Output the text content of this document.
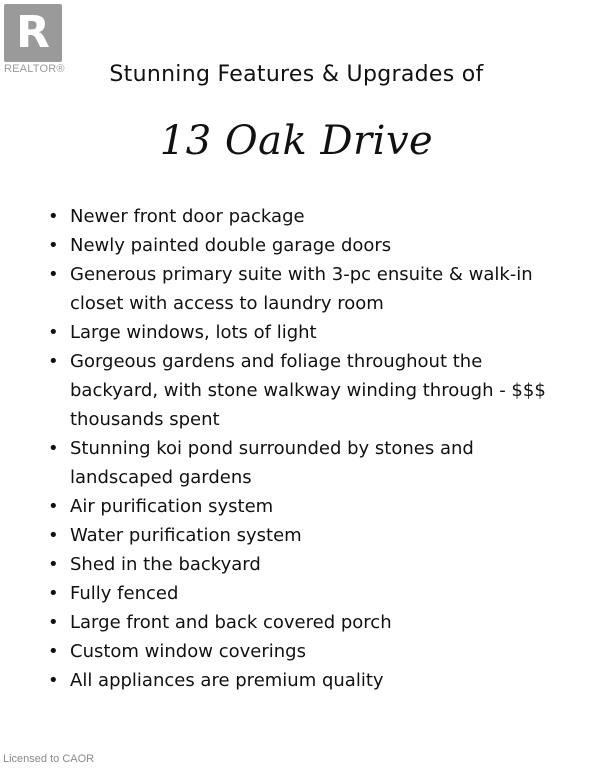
R
REALTOR®	Stunning Features & Upgrades of
13 Oak Drive
• Newer front door package
• Newly painted double garage doors
• Generous primary suite with 3-pc ensuite & walk-in closet with access to laundry room
• Large windows, lots of light
• Gorgeous gardens and foliage throughout the backyard, with stone walkway winding through - $$$ thousands spent
• Stunning koi pond surrounded by stones and landscaped gardens
• Air purification system
• Water purification system
• Shed in the backyard
• Fully fenced
• Large front and back covered porch
• Custom window coverings
• All appliances are premium quality
Licensed to CAOR
